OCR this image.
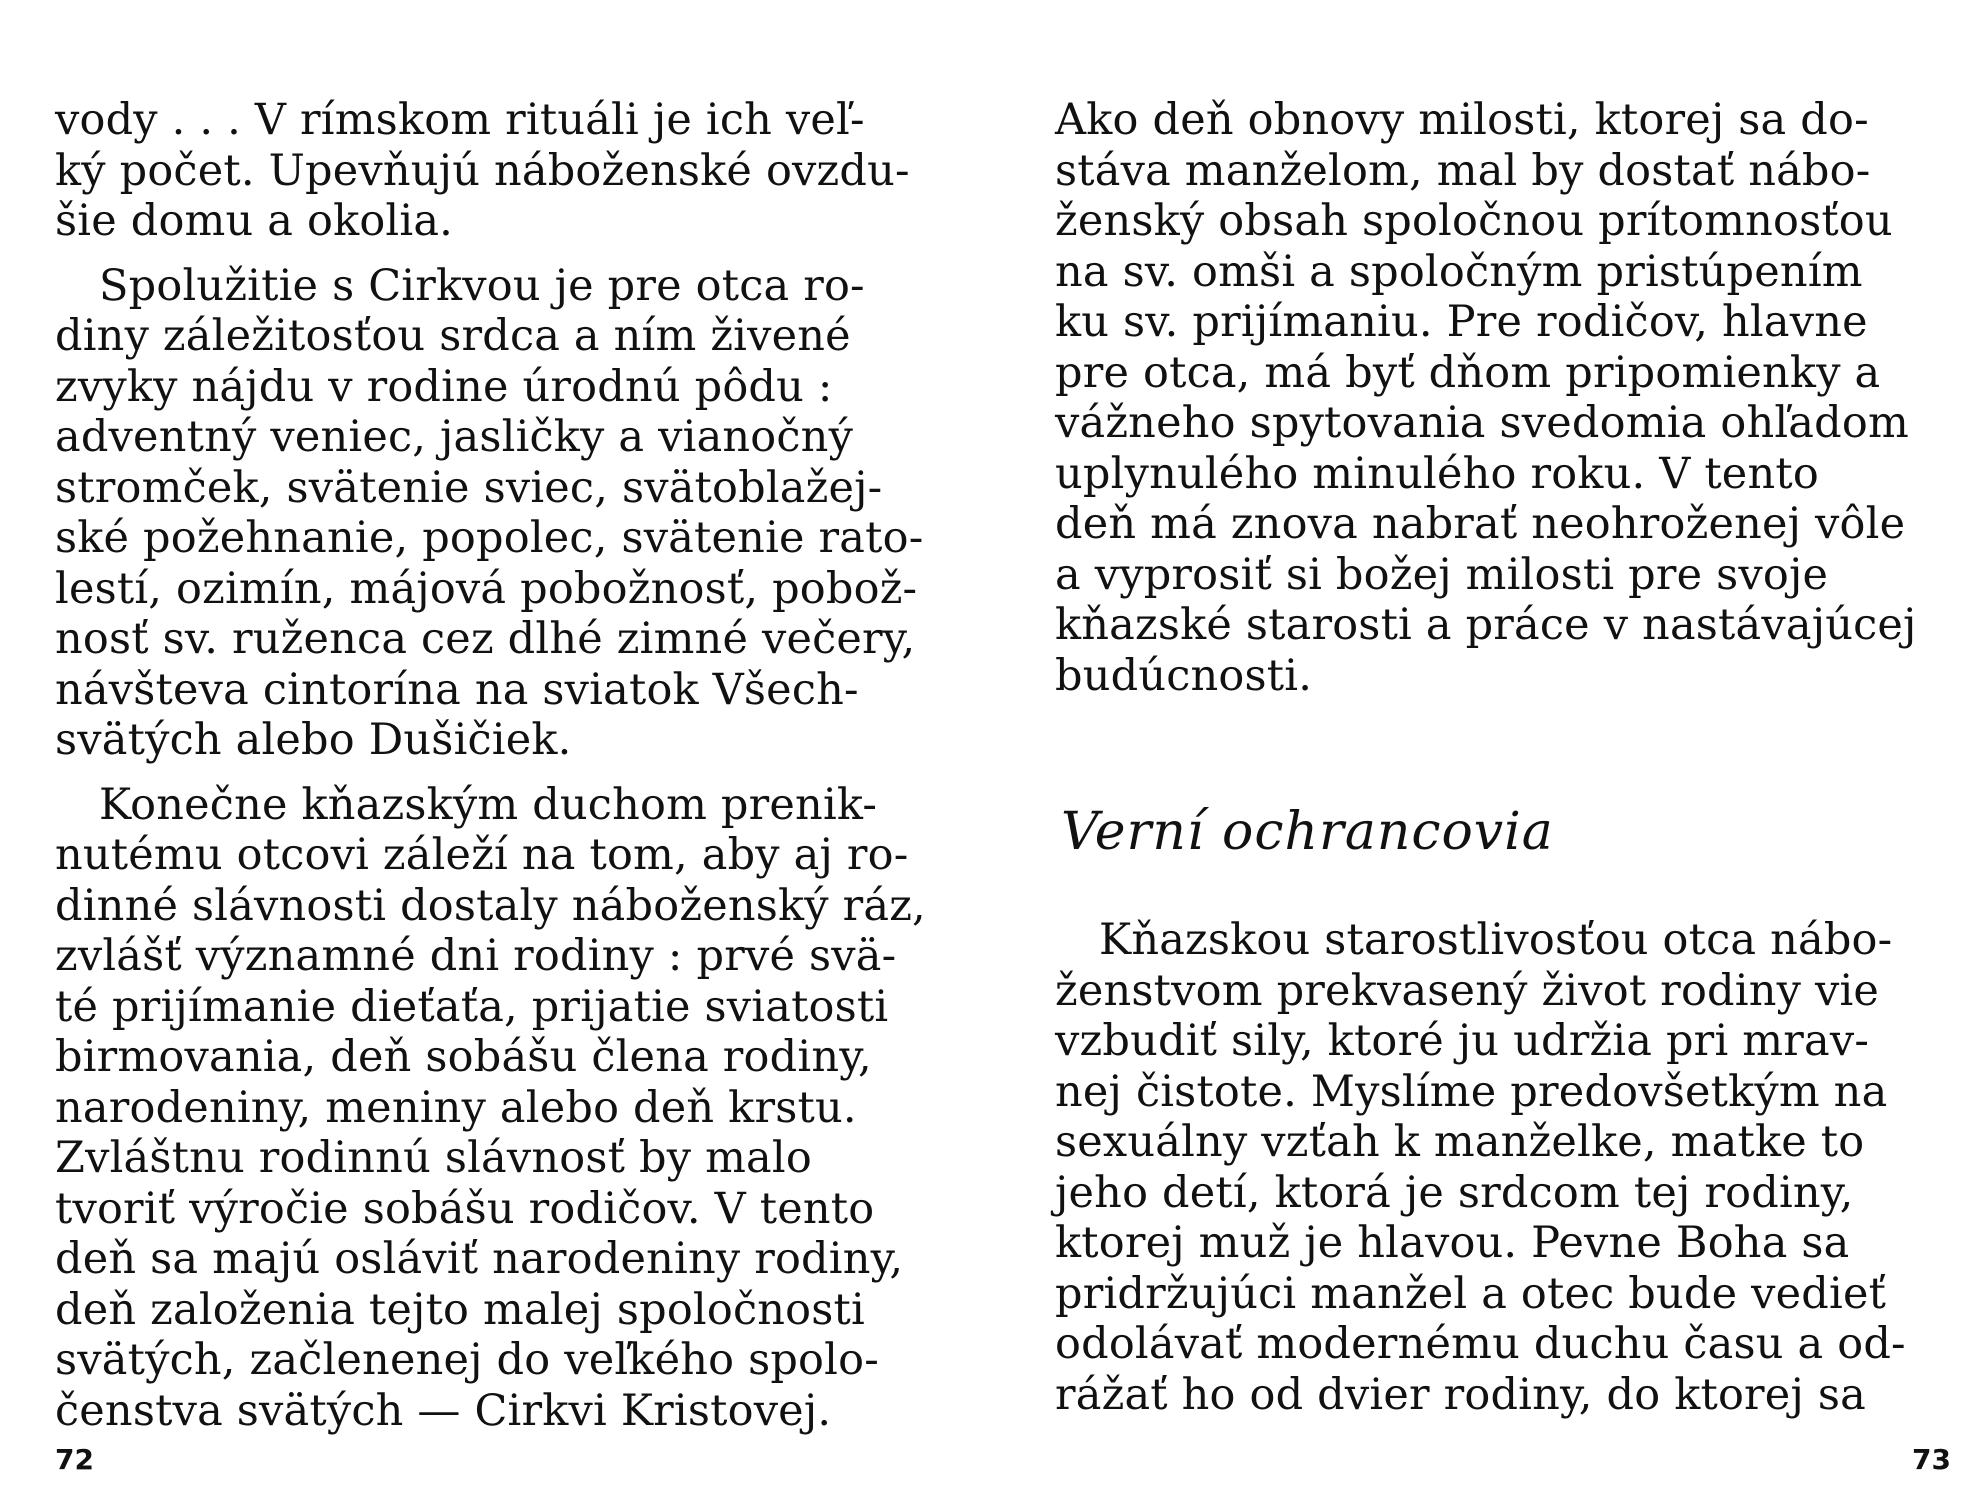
vody . . . V rímskom rituáli je ich veľ-
ký počet. Upevňujú náboženské ovzdu-
šie domu a okolia.
Spolužitie s Cirkvou je pre otca ro-
diny záležitosťou srdca a ním živené
zvyky nájdu v rodine úrodnú pôdu :
adventný veniec, jasličky a vianočný
stromček, svätenie sviec, svätoblažej-
ské požehnanie, popolec, svätenie rato-
lestí, ozimín, májová pobožnosť, pobož-
nosť sv. ruženca cez dlhé zimné večery,
návšteva cintorína na sviatok Všech-
svätých alebo Dušičiek.
Konečne kňazským duchom prenik-
nutému otcovi záleží na tom, aby aj ro-
dinné slávnosti dostaly náboženský ráz,
zvlášť významné dni rodiny : prvé svä-
té prijímanie dieťaťa, prijatie sviatosti
birmovania, deň sobášu člena rodiny,
narodeniny, meniny alebo deň krstu.
Zvláštnu rodinnú slávnosť by malo
tvoriť výročie sobášu rodičov. V tento
deň sa majú osláviť narodeniny rodiny,
deň založenia tejto malej spoločnosti
svätých, začlenenej do veľkého spolo-
čenstva svätých — Cirkvi Kristovej.
72
Ako deň obnovy milosti, ktorej sa do-
stáva manželom, mal by dostať nábo-
ženský obsah spoločnou prítomnosťou
na sv. omši a spoločným pristúpením
ku sv. prijímaniu. Pre rodičov, hlavne
pre otca, má byť dňom pripomienky a
vážneho spytovania svedomia ohľadom
uplynulého minulého roku. V tento
deň má znova nabrať neohroženej vôle
a vyprosiť si božej milosti pre svoje
kňazské starosti a práce v nastávajúcej
budúcnosti.
Verní ochrancovia
Kňazskou starostlivosťou otca nábo-
ženstvom prekvasený život rodiny vie
vzbudiť sily, ktoré ju udržia pri mrav-
nej čistote. Myslíme predovšetkým na
sexuálny vzťah k manželke, matke to
jeho detí, ktorá je srdcom tej rodiny,
ktorej muž je hlavou. Pevne Boha sa
pridržujúci manžel a otec bude vedieť
odolávať modernému duchu času a od-
rážať ho od dvier rodiny, do ktorej sa
73
